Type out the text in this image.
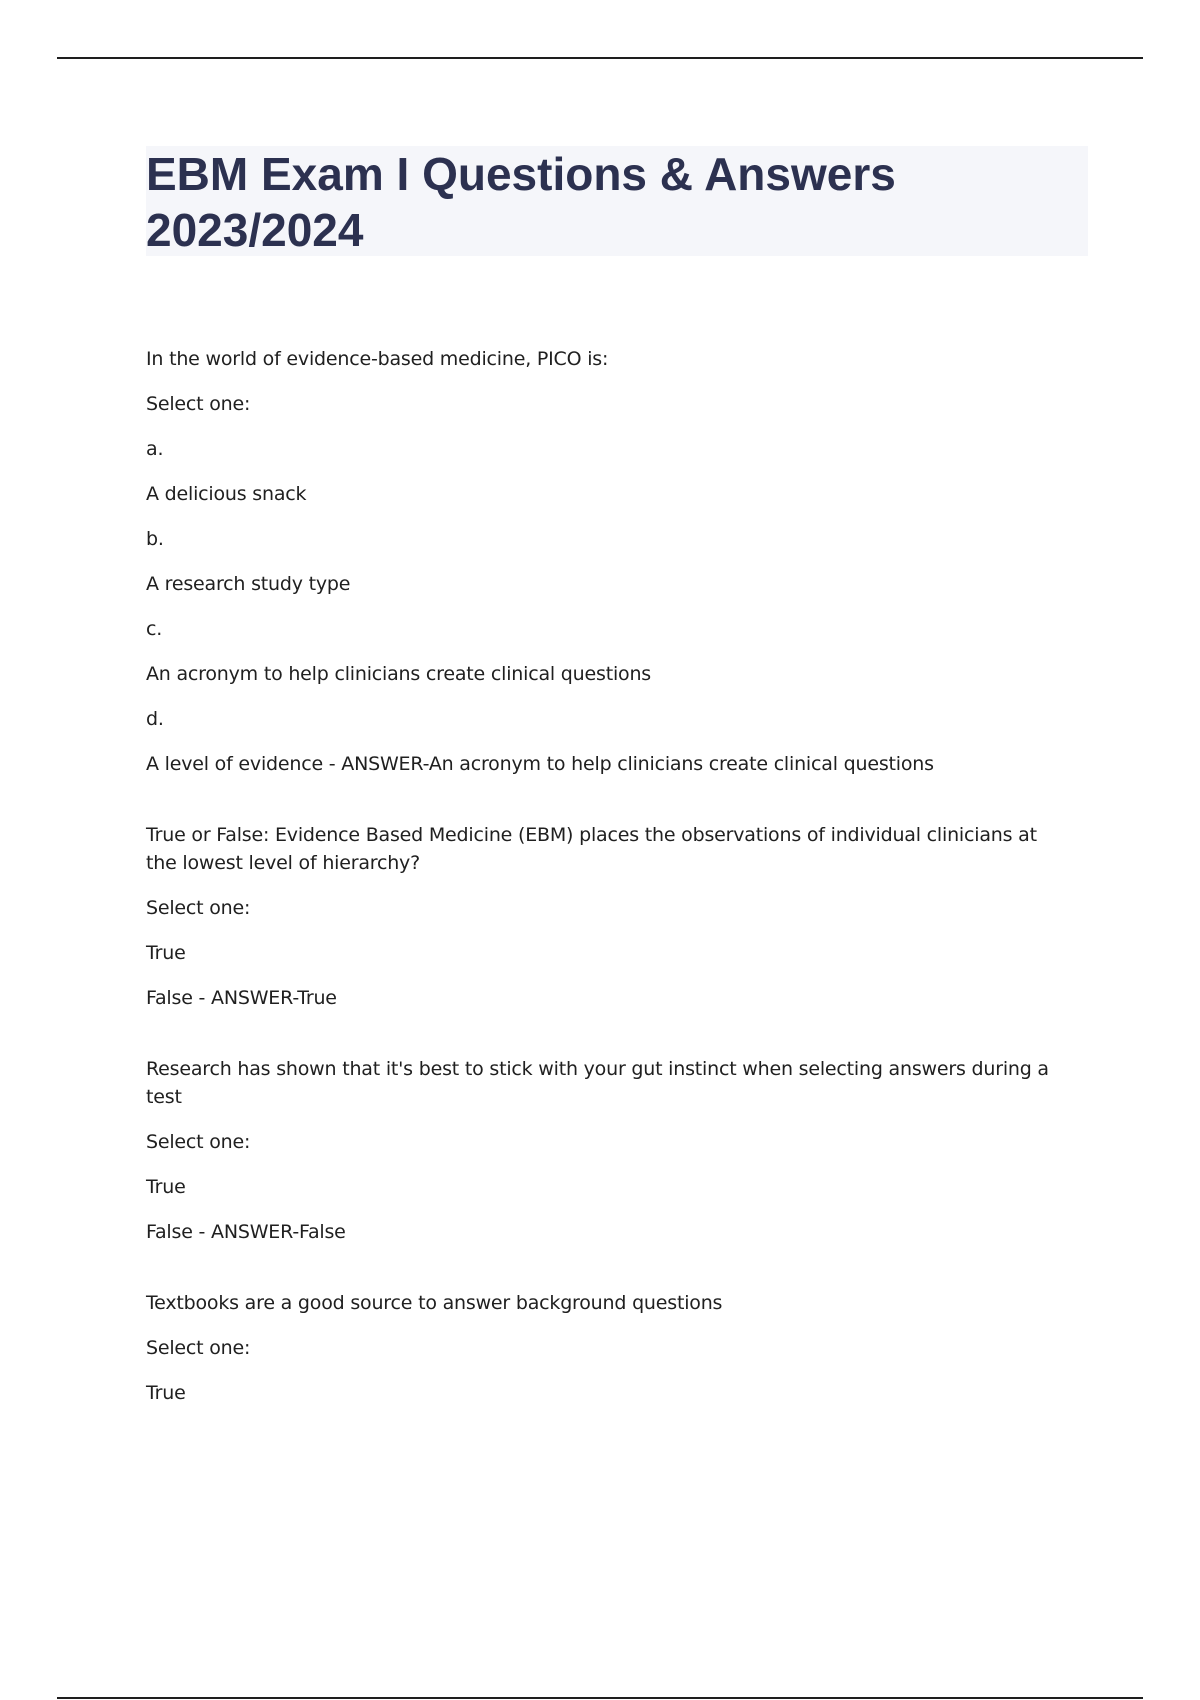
EBM Exam I Questions & Answers 2023/2024

In the world of evidence-based medicine, PICO is:

Select one:

a.

A delicious snack

b.

A research study type

c.

An acronym to help clinicians create clinical questions

d.

A level of evidence - ANSWER-An acronym to help clinicians create clinical questions

True or False: Evidence Based Medicine (EBM) places the observations of individual clinicians at the lowest level of hierarchy?

Select one:

True

False - ANSWER-True

Research has shown that it's best to stick with your gut instinct when selecting answers during a test

Select one:

True

False - ANSWER-False

Textbooks are a good source to answer background questions

Select one:

True
